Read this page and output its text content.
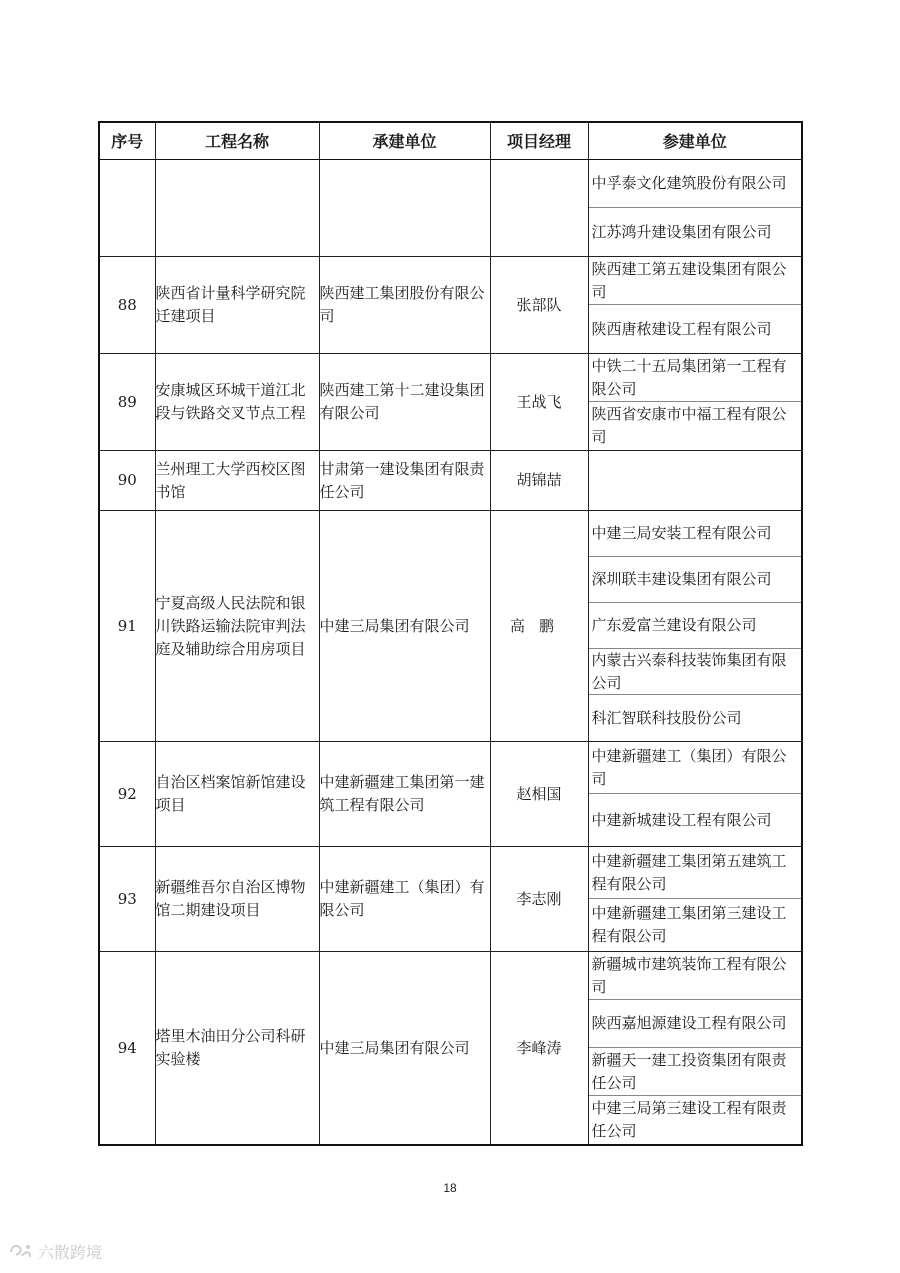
序号	工程名称	承建单位	项目经理	参建单位

中孚泰文化建筑股份有限公司
江苏鸿升建设集团有限公司

88	陕西省计量科学研究院迁建项目	陕西建工集团股份有限公司	张部队	陕西建工第五建设集团有限公司
陕西唐秾建设工程有限公司

89	安康城区环城干道江北段与铁路交叉节点工程	陕西建工第十二建设集团有限公司	王战飞	中铁二十五局集团第一工程有限公司
陕西省安康市中福工程有限公司

90	兰州理工大学西校区图书馆	甘肃第一建设集团有限责任公司	胡锦喆	
91	宁夏高级人民法院和银川铁路运输法院审判法庭及辅助综合用房项目	中建三局集团有限公司	高鹏	中建三局安装工程有限公司
深圳联丰建设集团有限公司
广东爱富兰建设有限公司
内蒙古兴泰科技装饰集团有限公司
科汇智联科技股份公司

92	自治区档案馆新馆建设项目	中建新疆建工集团第一建筑工程有限公司	赵相国	中建新疆建工（集团）有限公司
中建新城建设工程有限公司

93	新疆维吾尔自治区博物馆二期建设项目	中建新疆建工（集团）有限公司	李志刚	中建新疆建工集团第五建筑工程有限公司
中建新疆建工集团第三建设工程有限公司

94	塔里木油田分公司科研实验楼	中建三局集团有限公司	李峰涛	新疆城市建筑装饰工程有限公司
陕西嘉旭源建设工程有限公司
新疆天一建工投资集团有限责任公司
中建三局第三建设工程有限责任公司
18
六散跨境
